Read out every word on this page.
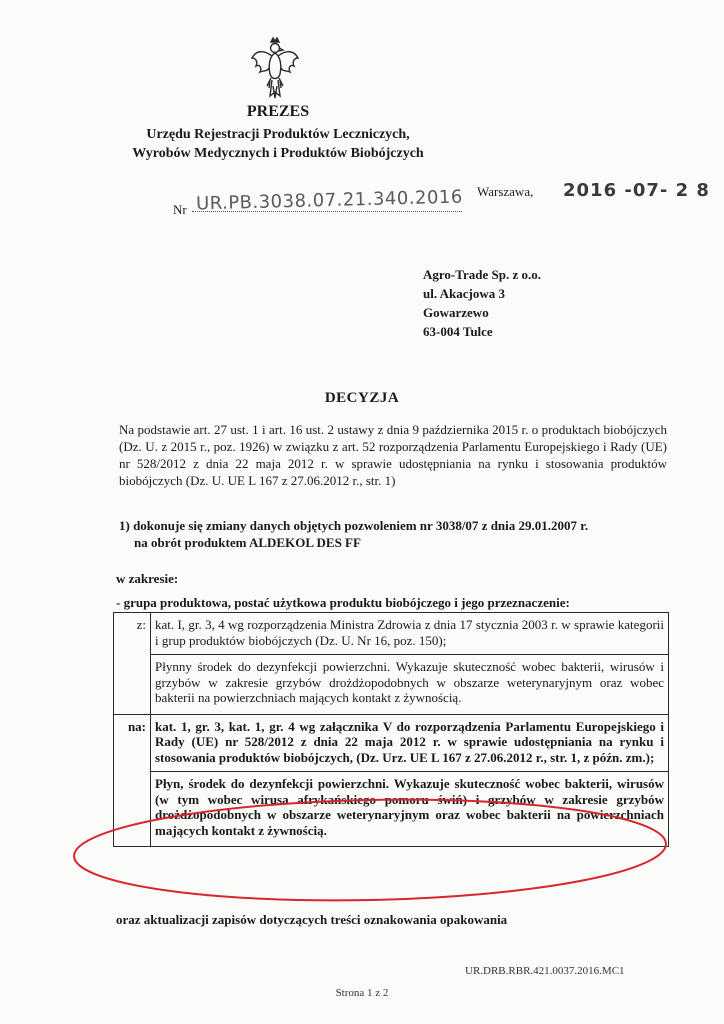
PREZES
Urzędu Rejestracji Produktów Leczniczych,
Wyrobów Medycznych i Produktów Biobójczych
Nr UR.PB.3038.07.21.340.2016 Warszawa, 2016 -07- 2 8
Agro-Trade Sp. z o.o.
ul. Akacjowa 3
Gowarzewo
63-004 Tulce
DECYZJA
Na podstawie art. 27 ust. 1 i art. 16 ust. 2 ustawy z dnia 9 października 2015 r. o produktach biobójczych (Dz. U. z 2015 r., poz. 1926) w związku z art. 52 rozporządzenia Parlamentu Europejskiego i Rady (UE) nr 528/2012 z dnia 22 maja 2012 r. w sprawie udostępniania na rynku i stosowania produktów biobójczych (Dz. U. UE L 167 z 27.06.2012 r., str. 1)
1) dokonuje się zmiany danych objętych pozwoleniem nr 3038/07 z dnia 29.01.2007 r.
na obrót produktem ALDEKOL DES FF
w zakresie:
- grupa produktowa, postać użytkowa produktu biobójczego i jego przeznaczenie:
z:	kat. I, gr. 3, 4 wg rozporządzenia Ministra Zdrowia z dnia 17 stycznia 2003 r. w sprawie kategorii i grup produktów biobójczych (Dz. U. Nr 16, poz. 150);
Płynny środek do dezynfekcji powierzchni. Wykazuje skuteczność wobec bakterii, wirusów i grzybów w zakresie grzybów drożdżopodobnych w obszarze weterynaryjnym oraz wobec bakterii na powierzchniach mających kontakt z żywnością.

na:	kat. 1, gr. 3, kat. 1, gr. 4 wg załącznika V do rozporządzenia Parlamentu Europejskiego i Rady (UE) nr 528/2012 z dnia 22 maja 2012 r. w sprawie udostępniania na rynku i stosowania produktów biobójczych, (Dz. Urz. UE L 167 z 27.06.2012 r., str. 1, z późn. zm.);
Płyn, środek do dezynfekcji powierzchni. Wykazuje skuteczność wobec bakterii, wirusów (w tym wobec wirusa afrykańskiego pomoru świń) i grzybów w zakresie grzybów drożdżopodobnych w obszarze weterynaryjnym oraz wobec bakterii na powierzchniach mających kontakt z żywnością.
oraz aktualizacji zapisów dotyczących treści oznakowania opakowania
UR.DRB.RBR.421.0037.2016.MC1
Strona 1 z 2
